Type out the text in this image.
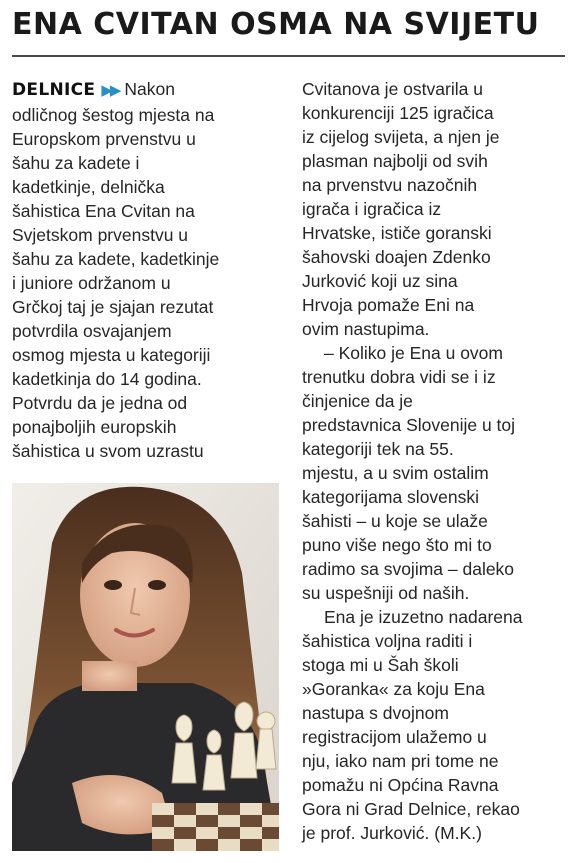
ENA CVITAN OSMA NA SVIJETU
DELNICE ▶▶ Nakon
odličnog šestog mjesta na
Europskom prvenstvu u
šahu za kadete i
kadetkinje, delnička
šahistica Ena Cvitan na
Svjetskom prvenstvu u
šahu za kadete, kadetkinje
i juniore održanom u
Grčkoj taj je sjajan rezutat
potvrdila osvajanjem
osmog mjesta u kategoriji
kadetkinja do 14 godina.
Potvrdu da je jedna od
ponajboljih europskih
šahistica u svom uzrastu
Cvitanova je ostvarila u
konkurenciji 125 igračica
iz cijelog svijeta, a njen je
plasman najbolji od svih
na prvenstvu nazočnih
igrača i igračica iz
Hrvatske, ističe goranski
šahovski doajen Zdenko
Jurković koji uz sina
Hrvoja pomaže Eni na
ovim nastupima.
– Koliko je Ena u ovom
trenutku dobra vidi se i iz
činjenice da je
predstavnica Slovenije u toj
kategoriji tek na 55.
mjestu, a u svim ostalim
kategorijama slovenski
šahisti – u koje se ulaže
puno više nego što mi to
radimo sa svojima – daleko
su uspešniji od naših.
Ena je izuzetno nadarena
šahistica voljna raditi i
stoga mi u Šah školi
»Goranka« za koju Ena
nastupa s dvojnom
registracijom ulažemo u
nju, iako nam pri tome ne
pomažu ni Općina Ravna
Gora ni Grad Delnice, rekao
je prof. Jurković. (M.K.)
